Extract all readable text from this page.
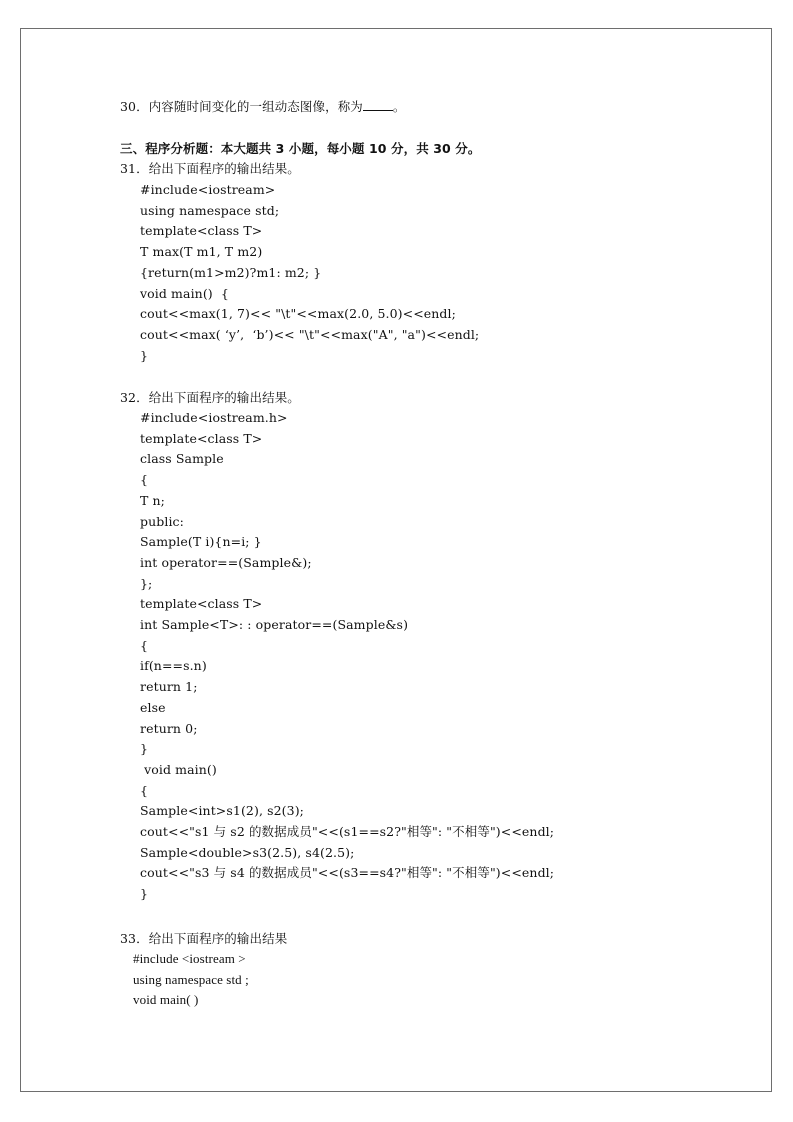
30．内容随时间变化的一组动态图像，称为 。
三、程序分析题：本大题共 3 小题，每小题 10 分，共 30 分。
31．给出下面程序的输出结果。
#include<iostream>
using namespace std;
template<class T>
T max(T m1, T m2)
{return(m1>m2)?m1: m2; }
void main()  {
cout<<max(1, 7)<< "\t"<<max(2.0, 5.0)<<endl;
cout<<max( ‘y’,  ‘b’)<< "\t"<<max("A", "a")<<endl;
}
32．给出下面程序的输出结果。
#include<iostream.h>
template<class T>
class Sample
{
T n;
public:
Sample(T i){n=i; }
int operator==(Sample&);
};
template<class T>
int Sample<T>: : operator==(Sample&s)
{
if(n==s.n)
return 1;
else
return 0;
}
void main()
{
Sample<int>s1(2), s2(3);
cout<<"s1 与 s2 的数据成员"<<(s1==s2?"相等": "不相等")<<endl;
Sample<double>s3(2.5), s4(2.5);
cout<<"s3 与 s4 的数据成员"<<(s3==s4?"相等": "不相等")<<endl;
}
33．给出下面程序的输出结果
#include <iostream >
using namespace std ;
void main( )
